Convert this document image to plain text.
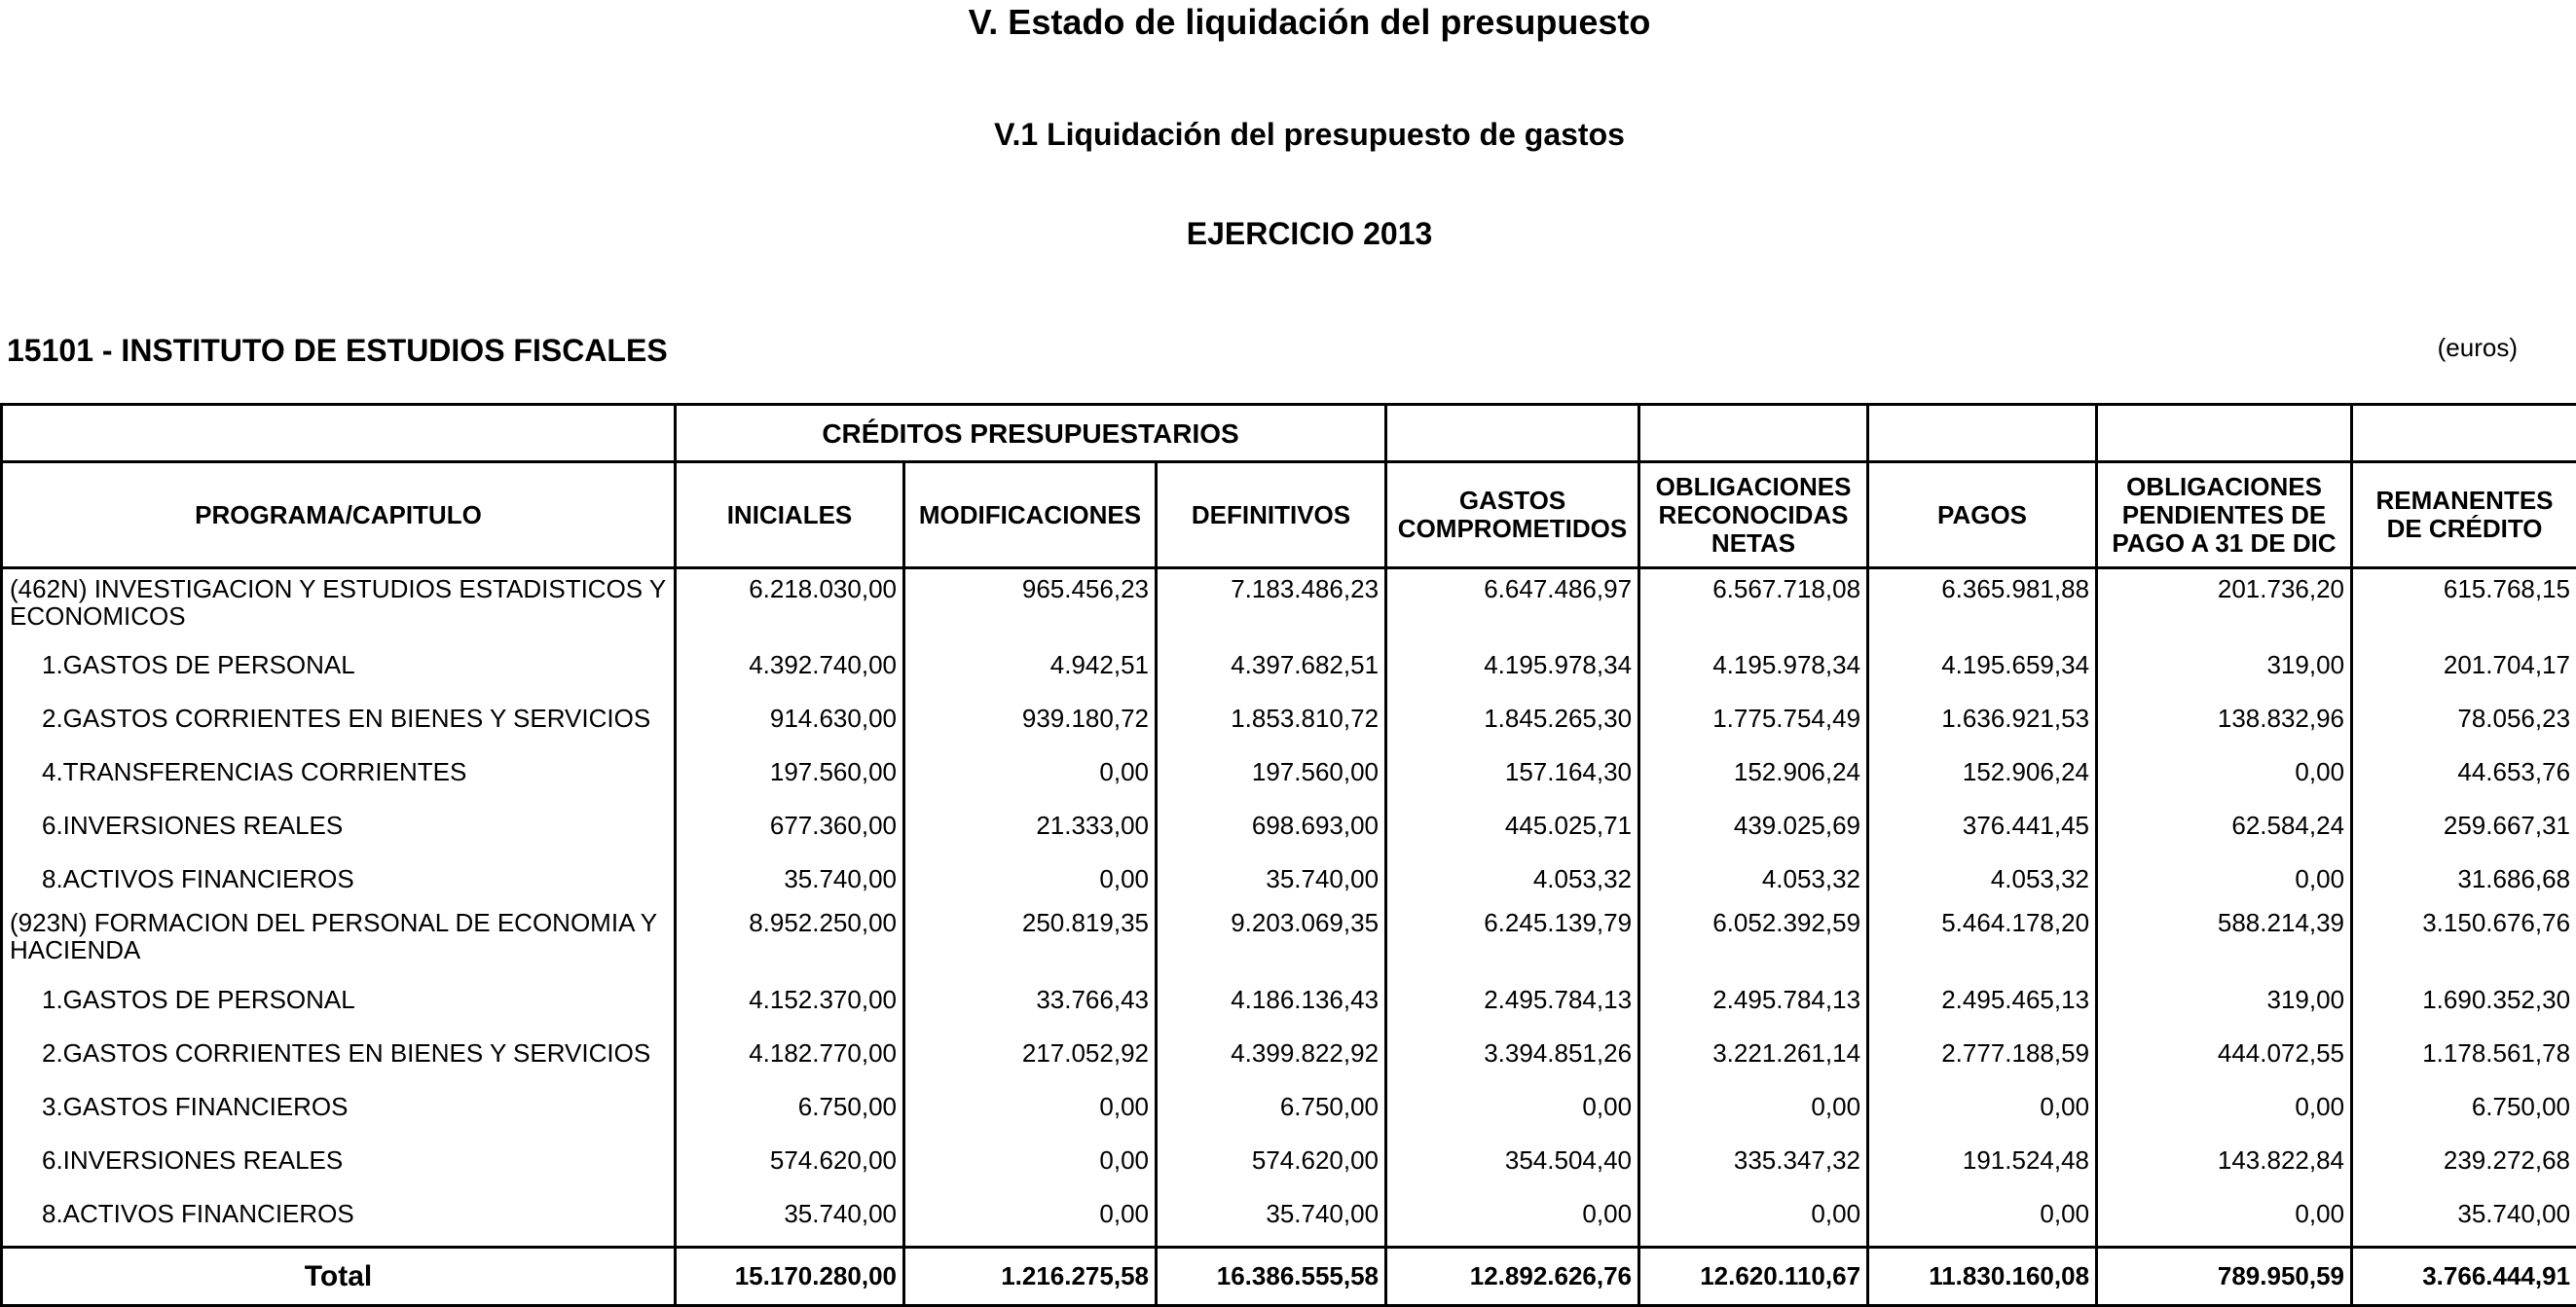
V. Estado de liquidación del presupuesto
V.1 Liquidación del presupuesto de gastos
EJERCICIO 2013
15101 - INSTITUTO DE ESTUDIOS FISCALES	(euros)
	CRÉDITOS PRESUPUESTARIOS							
PROGRAMA/CAPITULO	INICIALES	MODIFICACIONES	DEFINITIVOS	GASTOS COMPROMETIDOS	OBLIGACIONES RECONOCIDAS NETAS	PAGOS	OBLIGACIONES PENDIENTES DE PAGO A 31 DE DIC	REMANENTES DE CRÉDITO
(462N) INVESTIGACION Y ESTUDIOS ESTADISTICOS Y ECONOMICOS	6.218.030,00	965.456,23	7.183.486,23	6.647.486,97	6.567.718,08	6.365.981,88	201.736,20	615.768,15
1.GASTOS DE PERSONAL	4.392.740,00	4.942,51	4.397.682,51	4.195.978,34	4.195.978,34	4.195.659,34	319,00	201.704,17
2.GASTOS CORRIENTES EN BIENES Y SERVICIOS	914.630,00	939.180,72	1.853.810,72	1.845.265,30	1.775.754,49	1.636.921,53	138.832,96	78.056,23
4.TRANSFERENCIAS CORRIENTES	197.560,00	0,00	197.560,00	157.164,30	152.906,24	152.906,24	0,00	44.653,76
6.INVERSIONES REALES	677.360,00	21.333,00	698.693,00	445.025,71	439.025,69	376.441,45	62.584,24	259.667,31
8.ACTIVOS FINANCIEROS	35.740,00	0,00	35.740,00	4.053,32	4.053,32	4.053,32	0,00	31.686,68
(923N) FORMACION DEL PERSONAL DE ECONOMIA Y HACIENDA	8.952.250,00	250.819,35	9.203.069,35	6.245.139,79	6.052.392,59	5.464.178,20	588.214,39	3.150.676,76
1.GASTOS DE PERSONAL	4.152.370,00	33.766,43	4.186.136,43	2.495.784,13	2.495.784,13	2.495.465,13	319,00	1.690.352,30
2.GASTOS CORRIENTES EN BIENES Y SERVICIOS	4.182.770,00	217.052,92	4.399.822,92	3.394.851,26	3.221.261,14	2.777.188,59	444.072,55	1.178.561,78
3.GASTOS FINANCIEROS	6.750,00	0,00	6.750,00	0,00	0,00	0,00	0,00	6.750,00
6.INVERSIONES REALES	574.620,00	0,00	574.620,00	354.504,40	335.347,32	191.524,48	143.822,84	239.272,68
8.ACTIVOS FINANCIEROS	35.740,00	0,00	35.740,00	0,00	0,00	0,00	0,00	35.740,00
Total	15.170.280,00	1.216.275,58	16.386.555,58	12.892.626,76	12.620.110,67	11.830.160,08	789.950,59	3.766.444,91
